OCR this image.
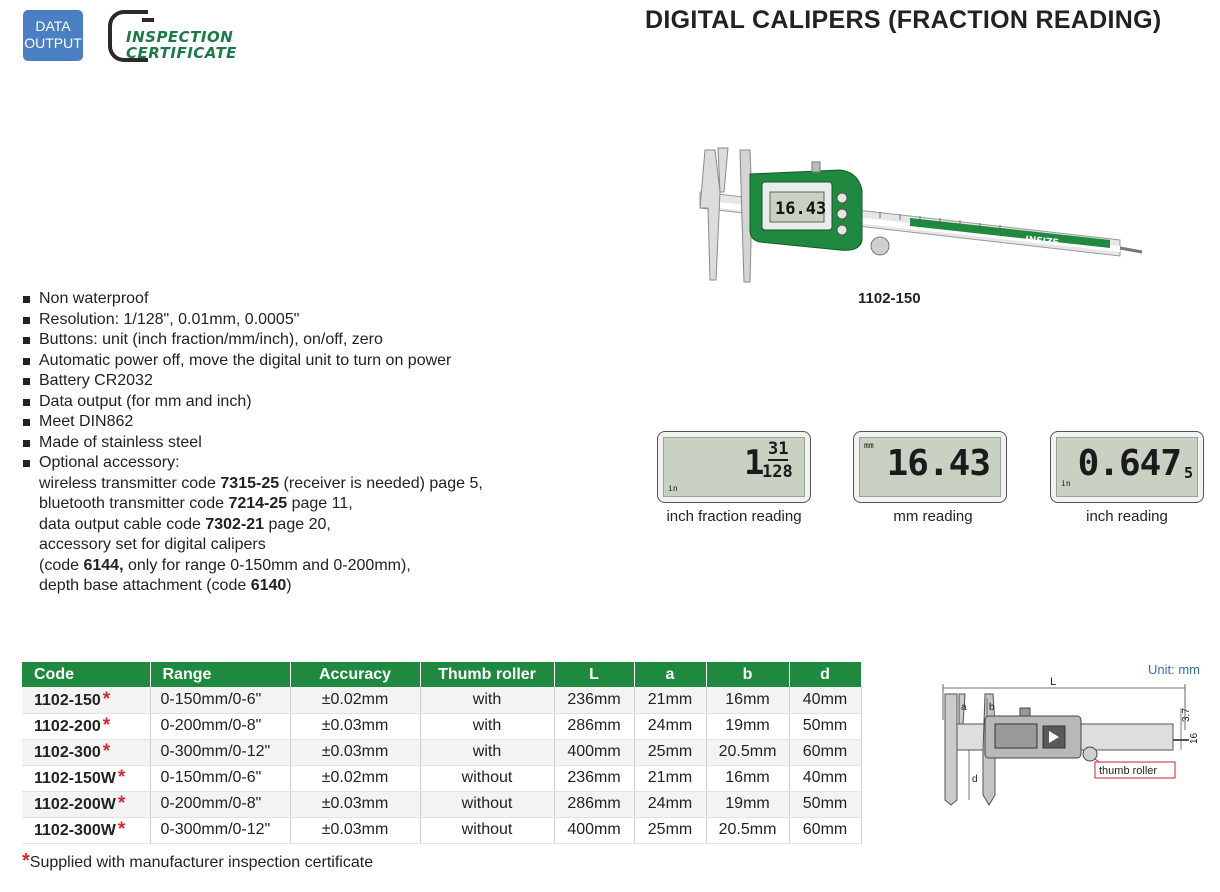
DATA
OUTPUT	INSPECTION
CERTIFICATE
DIGITAL CALIPERS (FRACTION READING)
16.43
INSIZE
1102-150
Non waterproof
Resolution: 1/128", 0.01mm, 0.0005"
Buttons: unit (inch fraction/mm/inch), on/off, zero
Automatic power off, move the digital unit to turn on power
Battery CR2032
Data output (for mm and inch)
Meet DIN862
Made of stainless steel
Optional accessory:
wireless transmitter code 7315-25 (receiver is needed) page 5,
bluetooth transmitter code 7214-25 page 11,
data output cable code 7302-21 page 20,
accessory set for digital calipers
(code 6144, only for range 0-150mm and 0-200mm),
depth base attachment (code 6140)
in
1 31
128
inch fraction reading
mm 16.43
mm reading
in 0.647 5
inch reading
Code	Range	Accuracy	Thumb roller	L	a	b	d
1102-150 *	0-150mm/0-6"	±0.02mm	with	236mm	21mm	16mm	40mm
1102-200 *	0-200mm/0-8"	±0.03mm	with	286mm	24mm	19mm	50mm
1102-300 *	0-300mm/0-12"	±0.03mm	with	400mm	25mm	20.5mm	60mm
1102-150W *	0-150mm/0-6"	±0.02mm	without	236mm	21mm	16mm	40mm
1102-200W *	0-200mm/0-8"	±0.03mm	without	286mm	24mm	19mm	50mm
1102-300W *	0-300mm/0-12"	±0.03mm	without	400mm	25mm	20.5mm	60mm
*Supplied with manufacturer inspection certificate
Unit: mm
L
thumb roller
a b
d
3.7
16
